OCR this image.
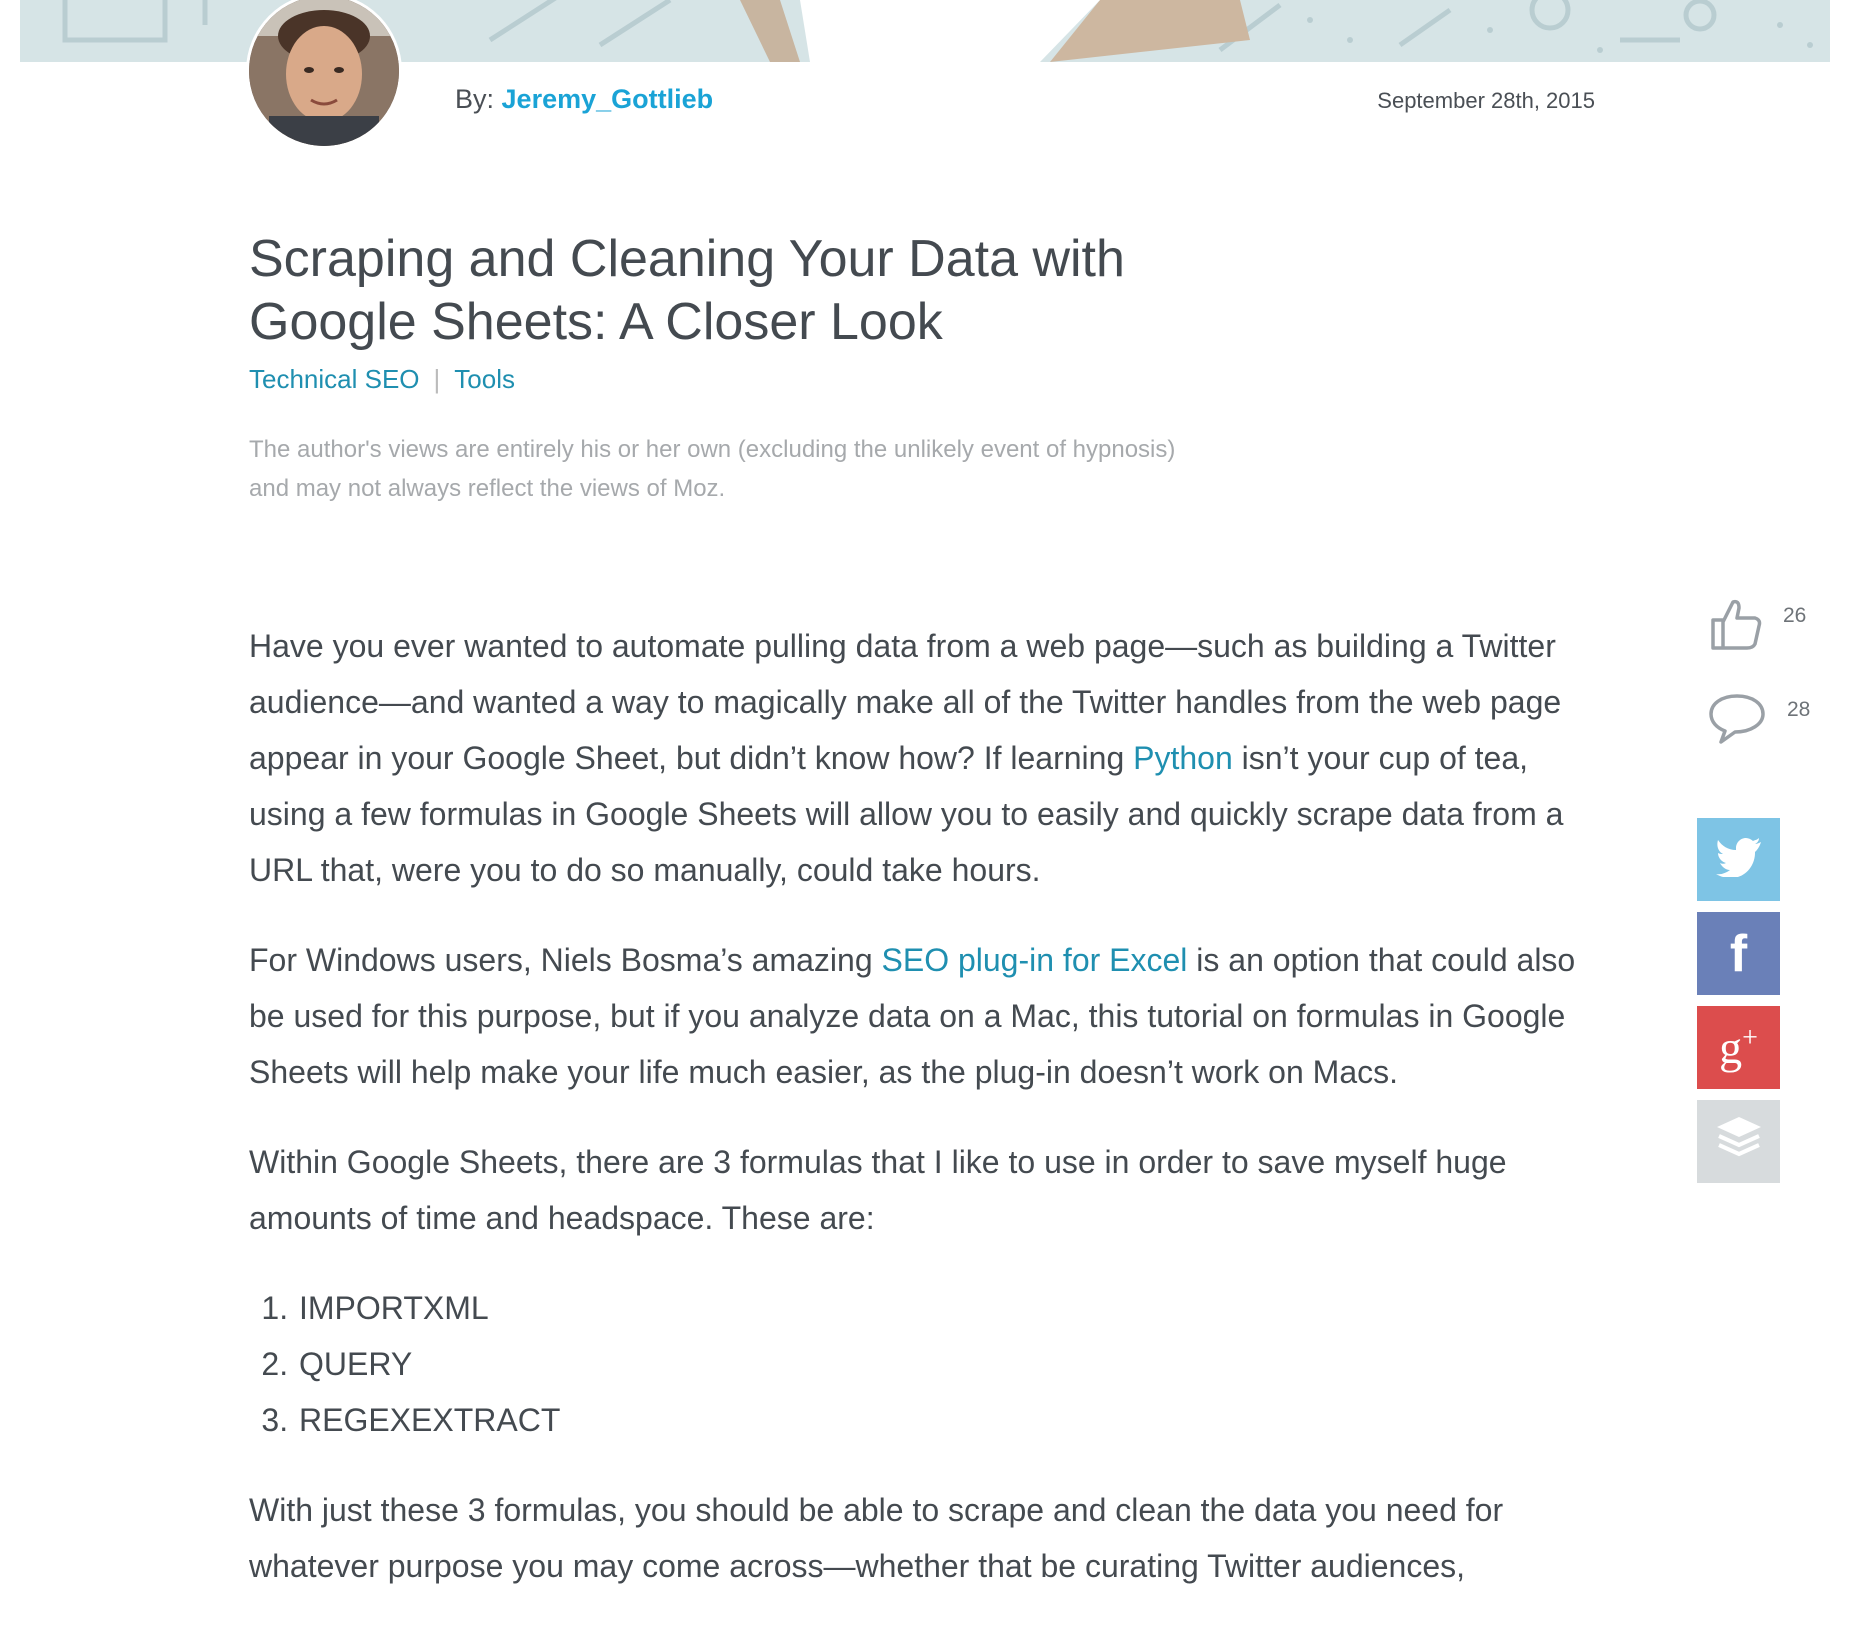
By: Jeremy_Gottlieb	September 28th, 2015
Scraping and Cleaning Your Data with
Google Sheets: A Closer Look
Technical SEO | Tools
The author's views are entirely his or her own (excluding the unlikely event of hypnosis)
and may not always reflect the views of Moz.

Have you ever wanted to automate pulling data from a web page—such as building a Twitter audience—and wanted a way to magically make all of the Twitter handles from the web page appear in your Google Sheet, but didn’t know how? If learning Python isn’t your cup of tea, using a few formulas in Google Sheets will allow you to easily and quickly scrape data from a URL that, were you to do so manually, could take hours.

For Windows users, Niels Bosma’s amazing SEO plug-in for Excel is an option that could also be used for this purpose, but if you analyze data on a Mac, this tutorial on formulas in Google Sheets will help make your life much easier, as the plug-in doesn’t work on Macs.

Within Google Sheets, there are 3 formulas that I like to use in order to save myself huge amounts of time and headspace. These are:

1. IMPORTXML
2. QUERY
3. REGEXEXTRACT

With just these 3 formulas, you should be able to scrape and clean the data you need for whatever purpose you may come across—whether that be curating Twitter audiences,

26
28
f
g+
